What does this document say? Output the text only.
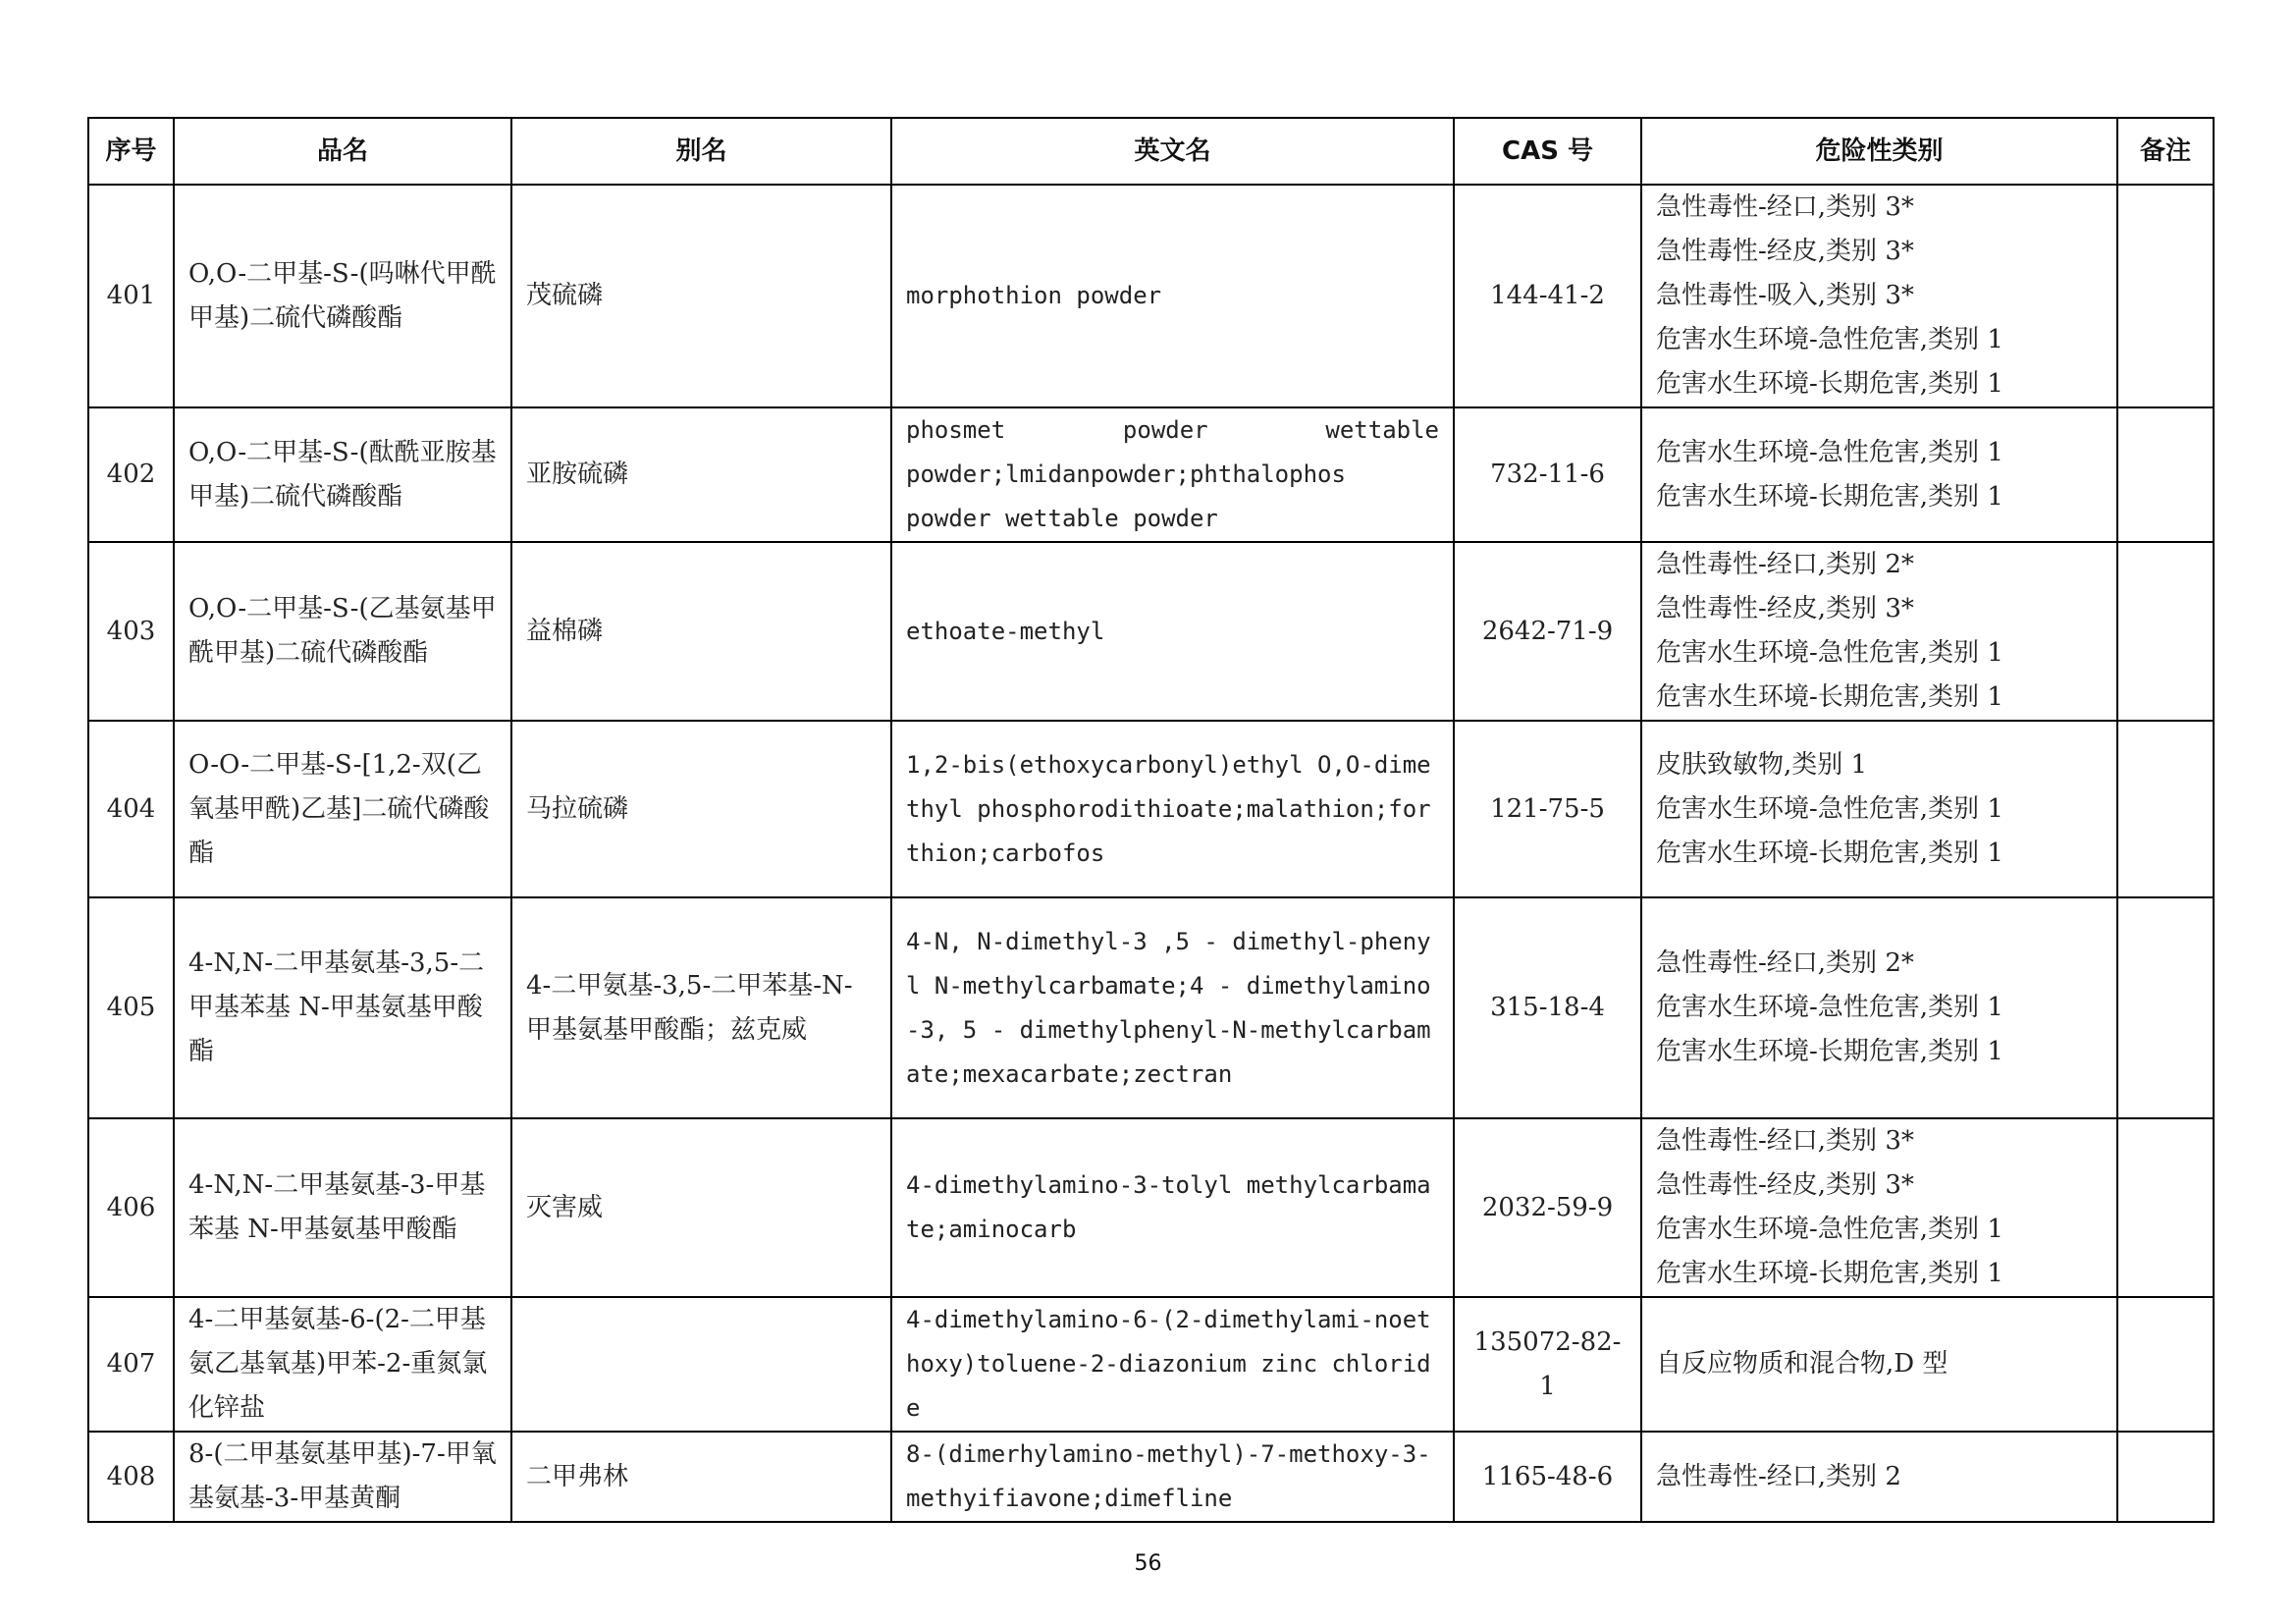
序号	品名	别名	英文名	CAS 号	危险性类别	备注
401	O,O-二甲基-S-(吗啉代甲酰甲基)二硫代磷酸酯	茂硫磷	morphothion powder	144-41-2	急性毒性-经口,类别 3*
急性毒性-经皮,类别 3*
急性毒性-吸入,类别 3*
危害水生环境-急性危害,类别 1
危害水生环境-长期危害,类别 1	

402	O,O-二甲基-S-(酞酰亚胺基甲基)二硫代磷酸酯	亚胺硫磷	phosmet powder wettable powder;lmidanpowder;phthalophos powder wettable powder	732-11-6	危害水生环境-急性危害,类别 1
危害水生环境-长期危害,类别 1	

403	O,O-二甲基-S-(乙基氨基甲酰甲基)二硫代磷酸酯	益棉磷	ethoate-methyl	2642-71-9	急性毒性-经口,类别 2*
急性毒性-经皮,类别 3*
危害水生环境-急性危害,类别 1
危害水生环境-长期危害,类别 1	

404	O-O-二甲基-S-[1,2-双(乙氧基甲酰)乙基]二硫代磷酸酯	马拉硫磷	1,2-bis(ethoxycarbonyl)ethyl O,O-dimethyl phosphorodithioate;malathion;forthion;carbofos	121-75-5	皮肤致敏物,类别 1
危害水生环境-急性危害,类别 1
危害水生环境-长期危害,类别 1	

405	4-N,N-二甲基氨基-3,5-二甲基苯基 N-甲基氨基甲酸酯	4-二甲氨基-3,5-二甲苯基-N-甲基氨基甲酸酯；兹克威	4-N, N-dimethyl-3 ,5 - dimethyl-phenyl N-methylcarbamate;4 - dimethylamino-3, 5 - dimethylphenyl-N-methylcarbamate;mexacarbate;zectran	315-18-4	急性毒性-经口,类别 2*
危害水生环境-急性危害,类别 1
危害水生环境-长期危害,类别 1	

406	4-N,N-二甲基氨基-3-甲基苯基 N-甲基氨基甲酸酯	灭害威	4-dimethylamino-3-tolyl methylcarbamate;aminocarb	2032-59-9	急性毒性-经口,类别 3*
急性毒性-经皮,类别 3*
危害水生环境-急性危害,类别 1
危害水生环境-长期危害,类别 1	

407	4-二甲基氨基-6-(2-二甲基氨乙基氧基)甲苯-2-重氮氯化锌盐		4-dimethylamino-6-(2-dimethylami-noethoxy)toluene-2-diazonium zinc chloride	135072-82-1	自反应物质和混合物,D 型	

408	8-(二甲基氨基甲基)-7-甲氧基氨基-3-甲基黄酮	二甲弗林	8-(dimerhylamino-methyl)-7-methoxy-3-methyifiavone;dimefline	1165-48-6	急性毒性-经口,类别 2	

56
